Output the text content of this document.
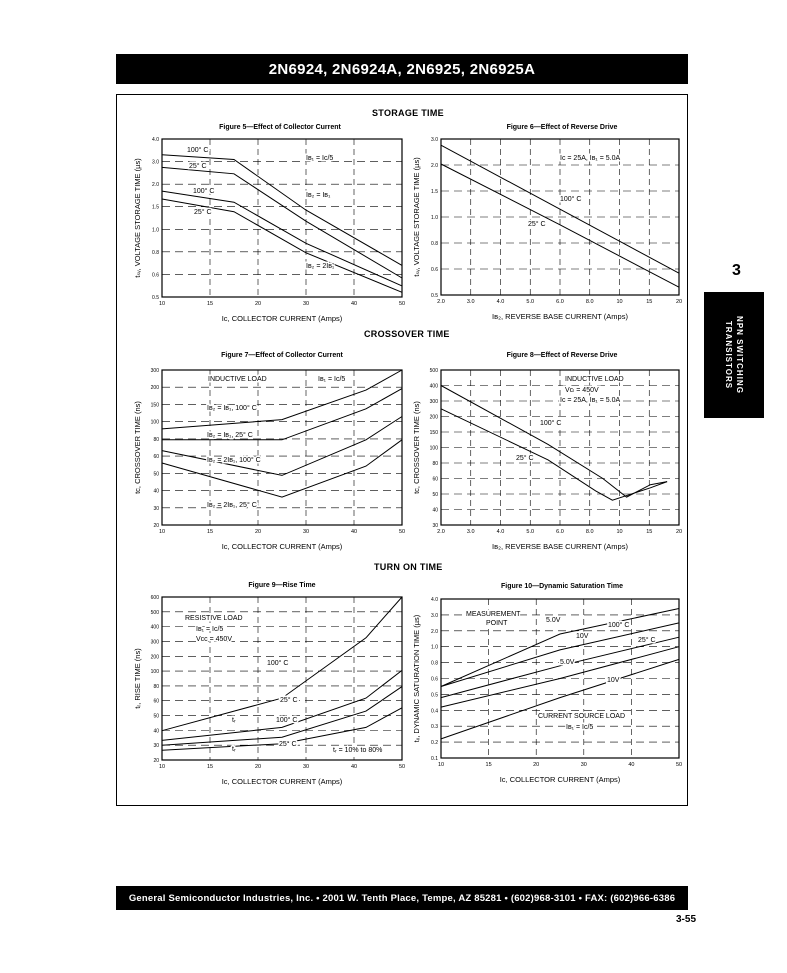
2N6924, 2N6924A, 2N6925, 2N6925A
STORAGE TIME
CROSSOVER TIME
TURN ON TIME
Figure 5—Effect of Collector Current
10	15	20	30	40	50
0.5
0.6
0.8
1.0
1.5
2.0
3.0
4.0
Iᴄ, COLLECTOR CURRENT (Amps)
tₛᵥ, VOLTAGE STORAGE TIME (µs)	Iʙ₁ = Iᴄ/5
Iʙ₂ = Iʙ₁
Iʙ₂ = 2Iʙ₁
100° C
25° C
100° C
25° C
Figure 6—Effect of Reverse Drive
2.0	3.0	4.0	5.0	6.0	8.0	10	15	20
0.5
0.6
0.8
1.0
1.5
2.0
3.0
Iʙ₂, REVERSE BASE CURRENT (Amps)
tₛᵥ, VOLTAGE STORAGE TIME (µs)	Iᴄ = 25A, Iʙ₁ = 5.0A
100° C
25° C
Figure 7—Effect of Collector Current
10	15	20	30	40	50
20
30
40
50
60
80
100
150
200
300
Iᴄ, COLLECTOR CURRENT (Amps)
tᴄ, CROSSOVER TIME (ns)
INDUCTIVE LOAD	Iʙ₁ = Iᴄ/5
Iʙ₂ = Iʙ₁, 100° C
Iʙ₂ = Iʙ₁, 25° C
Iʙ₂ = 2Iʙ₁, 100° C
Iʙ₂ = 2Iʙ₁, 25° C
Figure 8—Effect of Reverse Drive
2.0	3.0	4.0	5.0	6.0	8.0	10	15	20
30
40
50
60
80
100
150
200
300
400
500
Iʙ₂, REVERSE BASE CURRENT (Amps)
tᴄ, CROSSOVER TIME (ns)
INDUCTIVE LOAD
Vᴄₗ = 450V
Iᴄ = 25A, Iʙ₁ = 5.0A
100° C
25° C
Figure 9—Rise Time
10	15	20	30	40	50
20
30
40
50
60
80
100
200
300
400
500
600
Iᴄ, COLLECTOR CURRENT (Amps)
tᵣ, RISE TIME (ns)
RESISTIVE LOAD
Iʙ₁ = Iᴄ/5
Vᴄᴄ = 450V
100° C
25° C
100° C
25° C
tᵣ
tᵣ	tᵣ = 10% to 80%
Figure 10—Dynamic Saturation Time
10	15	20	30	40	50
0.1
0.2
0.3
0.4
0.5
0.6
0.8
1.0
2.0
3.0
4.0
Iᴄ, COLLECTOR CURRENT (Amps)
tₓ, DYNAMIC SATURATION TIME (µs)
MEASUREMENT
POINT	5.0V
100° C
10V
25° C
5.0V
10V
CURRENT SOURCE LOAD
Iʙ₁ = Iᴄ/5
3
NPN SWITCHING
TRANSISTORS
General Semiconductor Industries, Inc. • 2001 W. Tenth Place, Tempe, AZ 85281 • (602)968-3101 • FAX: (602)966-6386
3-55
